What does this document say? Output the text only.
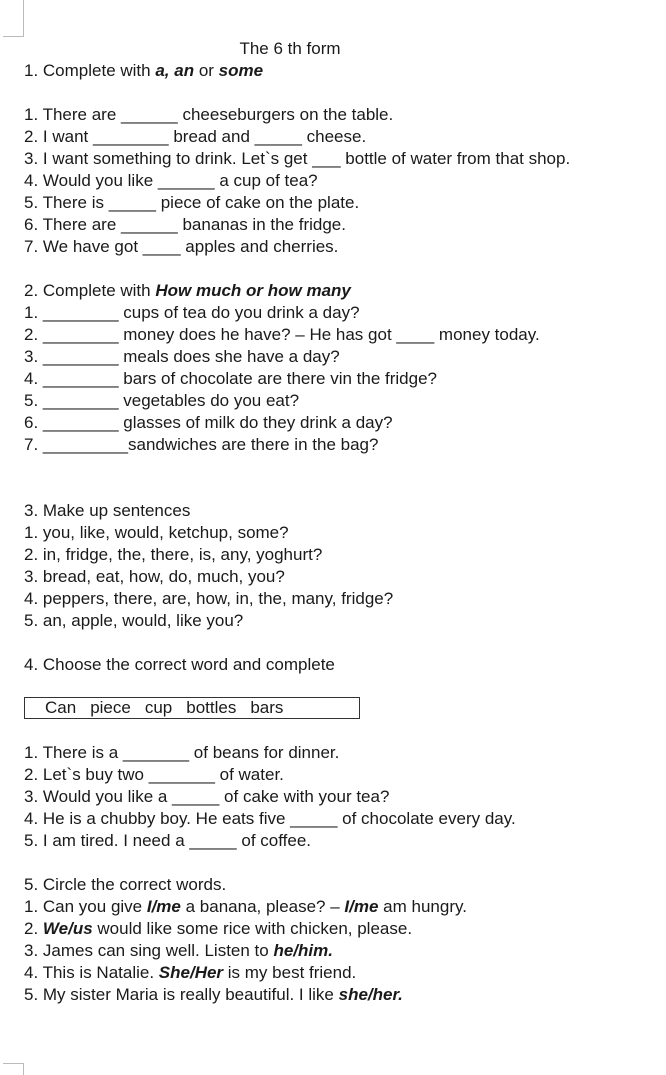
The 6 th form
1. Complete with a, an or some
1. There are ______ cheeseburgers on the table.
2. I want ________ bread and _____ cheese.
3. I want something to drink. Let`s get ___ bottle of water from that shop.
4. Would you like ______ a cup of tea?
5. There is _____ piece of cake on the plate.
6. There are ______ bananas in the fridge.
7. We have got ____ apples and cherries.
2. Complete with How much or how many
1. ________ cups of tea do you drink a day?
2. ________ money does he have? – He has got ____ money today.
3. ________ meals does she have a day?
4. ________ bars of chocolate are there vin the fridge?
5. ________ vegetables do you eat?
6. ________ glasses of milk do they drink a day?
7. _________sandwiches are there in the bag?
3. Make up sentences
1. you, like, would, ketchup, some?
2. in, fridge, the, there, is, any, yoghurt?
3. bread, eat, how, do, much, you?
4. peppers, there, are, how, in, the, many, fridge?
5. an, apple, would, like you?
4. Choose the correct word and complete
Can piece cup bottles bars
1. There is a _______ of beans for dinner.
2. Let`s buy two _______ of water.
3. Would you like a _____ of cake with your tea?
4. He is a chubby boy. He eats five _____ of chocolate every day.
5. I am tired. I need a _____ of coffee.
5. Circle the correct words.
1. Can you give I/me a banana, please? – I/me am hungry.
2. We/us would like some rice with chicken, please.
3. James can sing well. Listen to he/him.
4. This is Natalie. She/Her is my best friend.
5. My sister Maria is really beautiful. I like she/her.
